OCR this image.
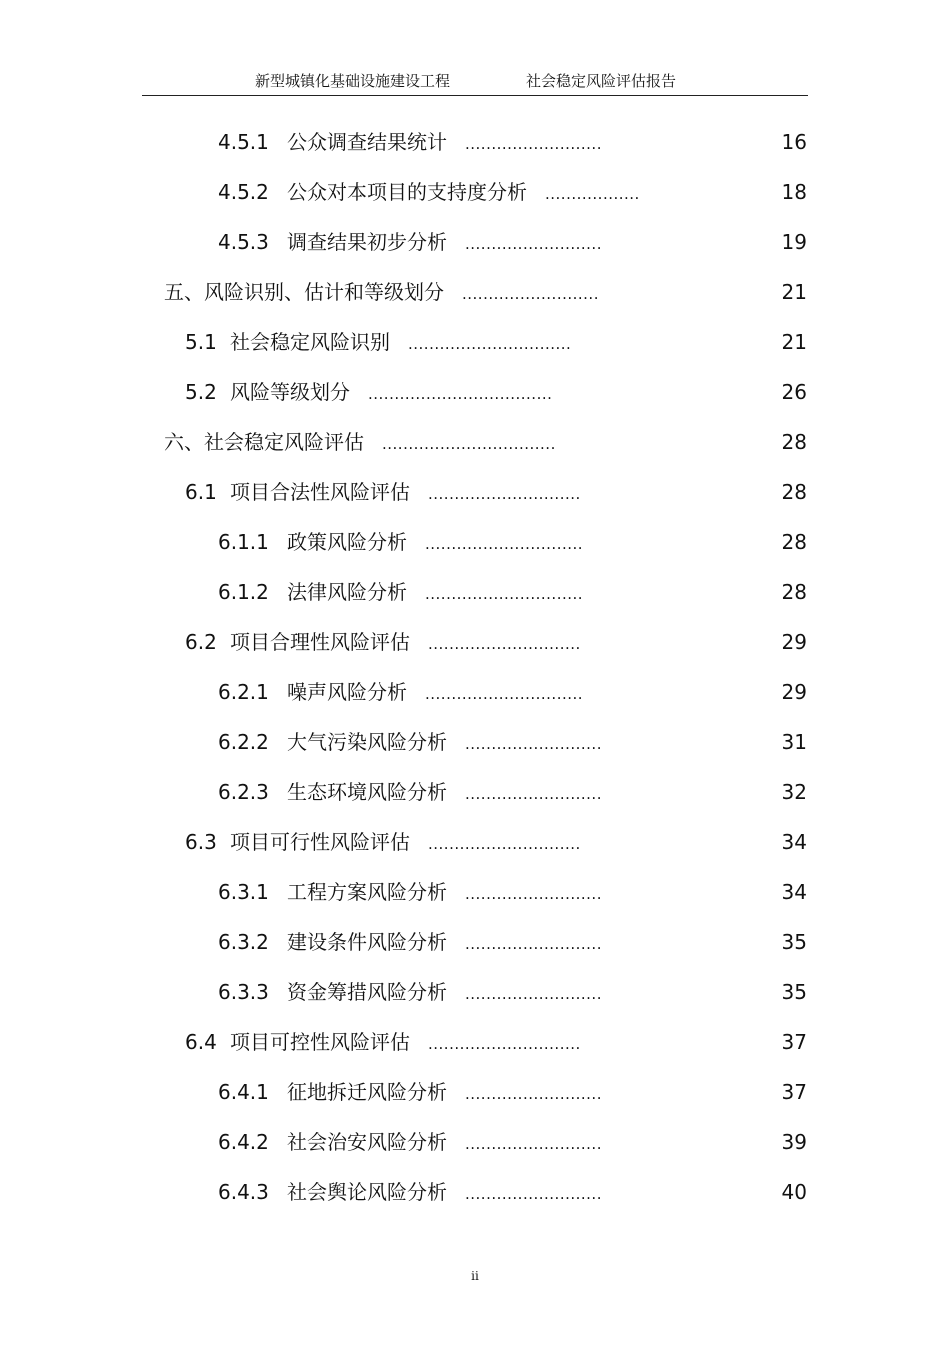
新型城镇化基础设施建设工程	社会稳定风险评估报告
4.5.1 公众调查结果统计 ..........................	16
4.5.2 公众对本项目的支持度分析 ..................	18
4.5.3 调查结果初步分析 ..........................	19
五、风险识别、估计和等级划分 ..........................	21
5.1 社会稳定风险识别 ...............................	21
5.2 风险等级划分 ...................................	26
六、社会稳定风险评估 .................................	28
6.1 项目合法性风险评估 .............................	28
6.1.1 政策风险分析 ..............................	28
6.1.2 法律风险分析 ..............................	28
6.2 项目合理性风险评估 .............................	29
6.2.1 噪声风险分析 ..............................	29
6.2.2 大气污染风险分析 ..........................	31
6.2.3 生态环境风险分析 ..........................	32
6.3 项目可行性风险评估 .............................	34
6.3.1 工程方案风险分析 ..........................	34
6.3.2 建设条件风险分析 ..........................	35
6.3.3 资金筹措风险分析 ..........................	35
6.4 项目可控性风险评估 .............................	37
6.4.1 征地拆迁风险分析 ..........................	37
6.4.2 社会治安风险分析 ..........................	39
6.4.3 社会舆论风险分析 ..........................	40
ii
